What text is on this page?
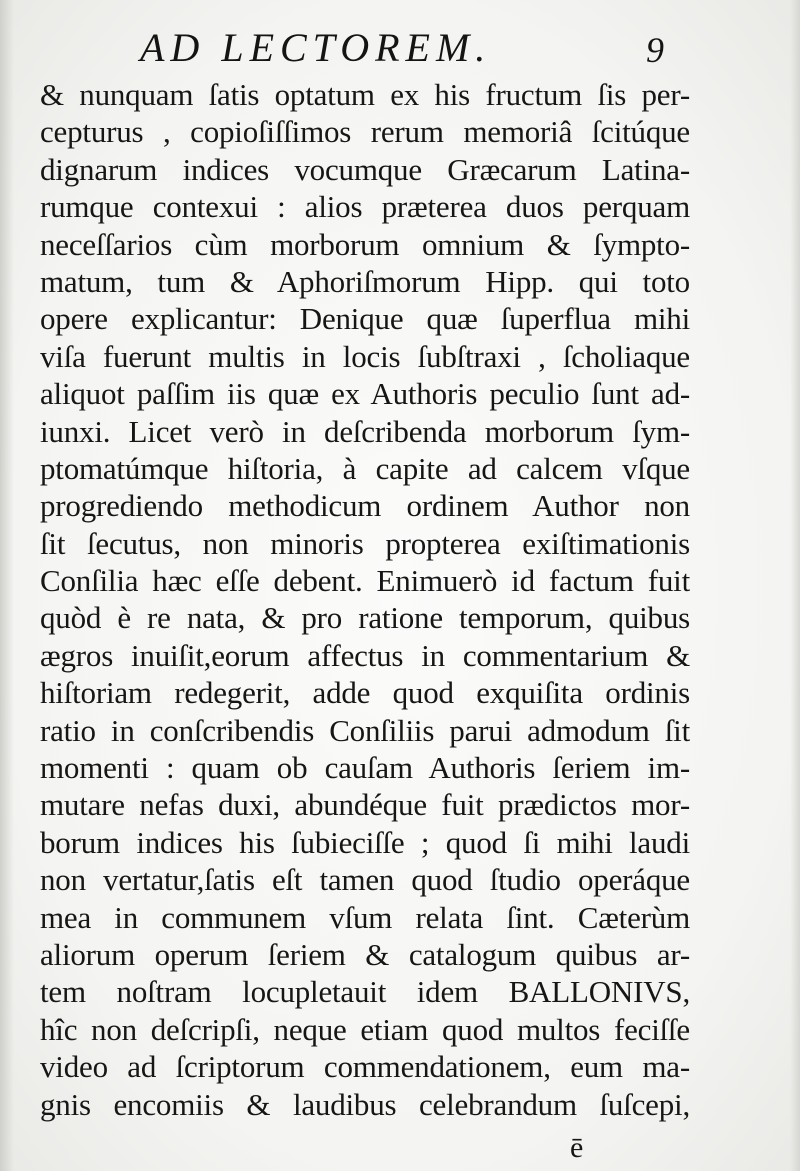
AD LECTOREM.	9
& nunquam ſatis optatum ex his fructum ſis per-
cepturus , copioſiſſimos rerum memoriâ ſcitúque
dignarum indices vocumque Græcarum Latina-
rumque contexui : alios præterea duos perquam
neceſſarios cùm morborum omnium & ſympto-
matum, tum & Aphoriſmorum Hipp. qui toto
opere explicantur: Denique quæ ſuperflua mihi
viſa fuerunt multis in locis ſubſtraxi , ſcholiaque
aliquot paſſim iis quæ ex Authoris peculio ſunt ad-
iunxi. Licet verò in deſcribenda morborum ſym-
ptomatúmque hiſtoria, à capite ad calcem vſque
progrediendo methodicum ordinem Author non
ſit ſecutus, non minoris propterea exiſtimationis
Conſilia hæc eſſe debent. Enimuerò id factum fuit
quòd è re nata, & pro ratione temporum, quibus
ægros inuiſit,eorum affectus in commentarium &
hiſtoriam redegerit, adde quod exquiſita ordinis
ratio in conſcribendis Conſiliis parui admodum ſit
momenti : quam ob cauſam Authoris ſeriem im-
mutare nefas duxi, abundéque fuit prædictos mor-
borum indices his ſubieciſſe ; quod ſi mihi laudi
non vertatur,ſatis eſt tamen quod ſtudio operáque
mea in communem vſum relata ſint. Cæterùm
aliorum operum ſeriem & catalogum quibus ar-
tem noſtram locupletauit idem BALLONIVS,
hîc non deſcripſi, neque etiam quod multos feciſſe
video ad ſcriptorum commendationem, eum ma-
gnis encomiis & laudibus celebrandum ſuſcepi,
ē
